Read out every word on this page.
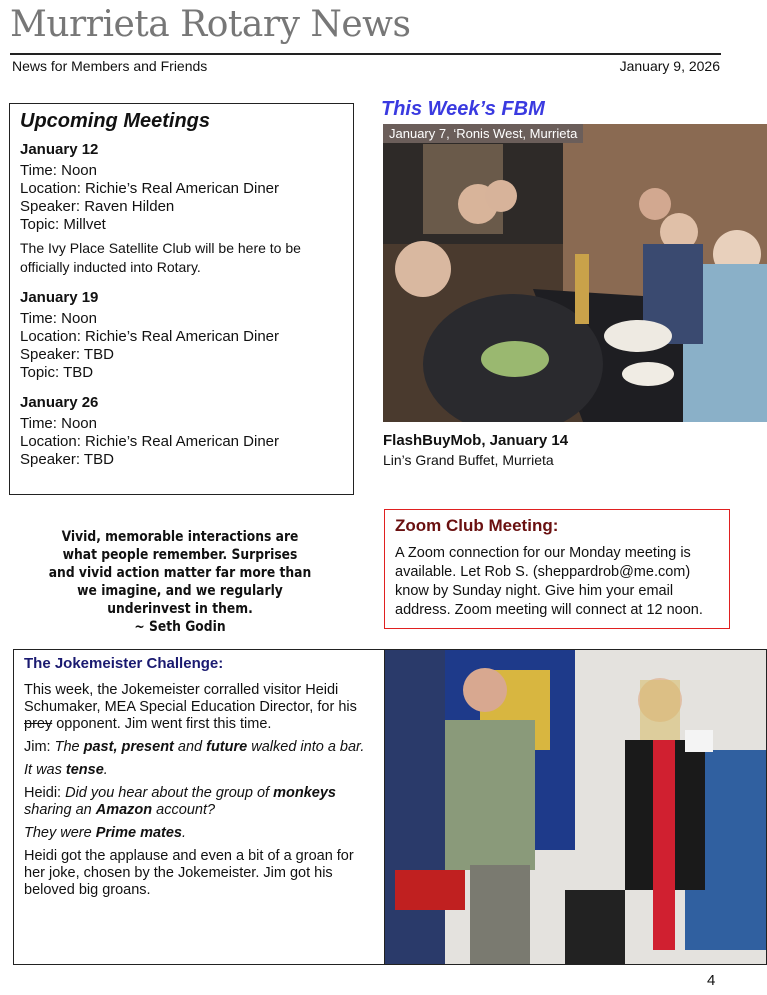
Murrieta Rotary News
News for Members and Friends	January 9, 2026
Upcoming Meetings
January 12
Time: Noon
Location: Richie’s Real American Diner
Speaker: Raven Hilden
Topic: Millvet
The Ivy Place Satellite Club will be here to be officially inducted into Rotary.
January 19
Time: Noon
Location: Richie’s Real American Diner
Speaker: TBD
Topic: TBD
January 26
Time: Noon
Location: Richie’s Real American Diner
Speaker: TBD
This Week’s FBM
January 7, ‘Ronis West, Murrieta
FlashBuyMob, January 14
Lin’s Grand Buffet, Murrieta
Vivid, memorable interactions are what people remember. Surprises and vivid action matter far more than we imagine, and we regularly underinvest in them.
~ Seth Godin
Zoom Club Meeting:

A Zoom connection for our Monday meeting is available. Let Rob S. (sheppardrob@me.com) know by Sunday night. Give him your email address. Zoom meeting will connect at 12 noon.

The Jokemeister Challenge:

This week, the Jokemeister corralled visitor Heidi Schumaker, MEA Special Education Director, for his prey opponent. Jim went first this time.

Jim: The past, present and future walked into a bar.

It was tense.

Heidi: Did you hear about the group of monkeys sharing an Amazon account?

They were Prime mates.

Heidi got the applause and even a bit of a groan for her joke, chosen by the Jokemeister. Jim got his beloved big groans.

4
